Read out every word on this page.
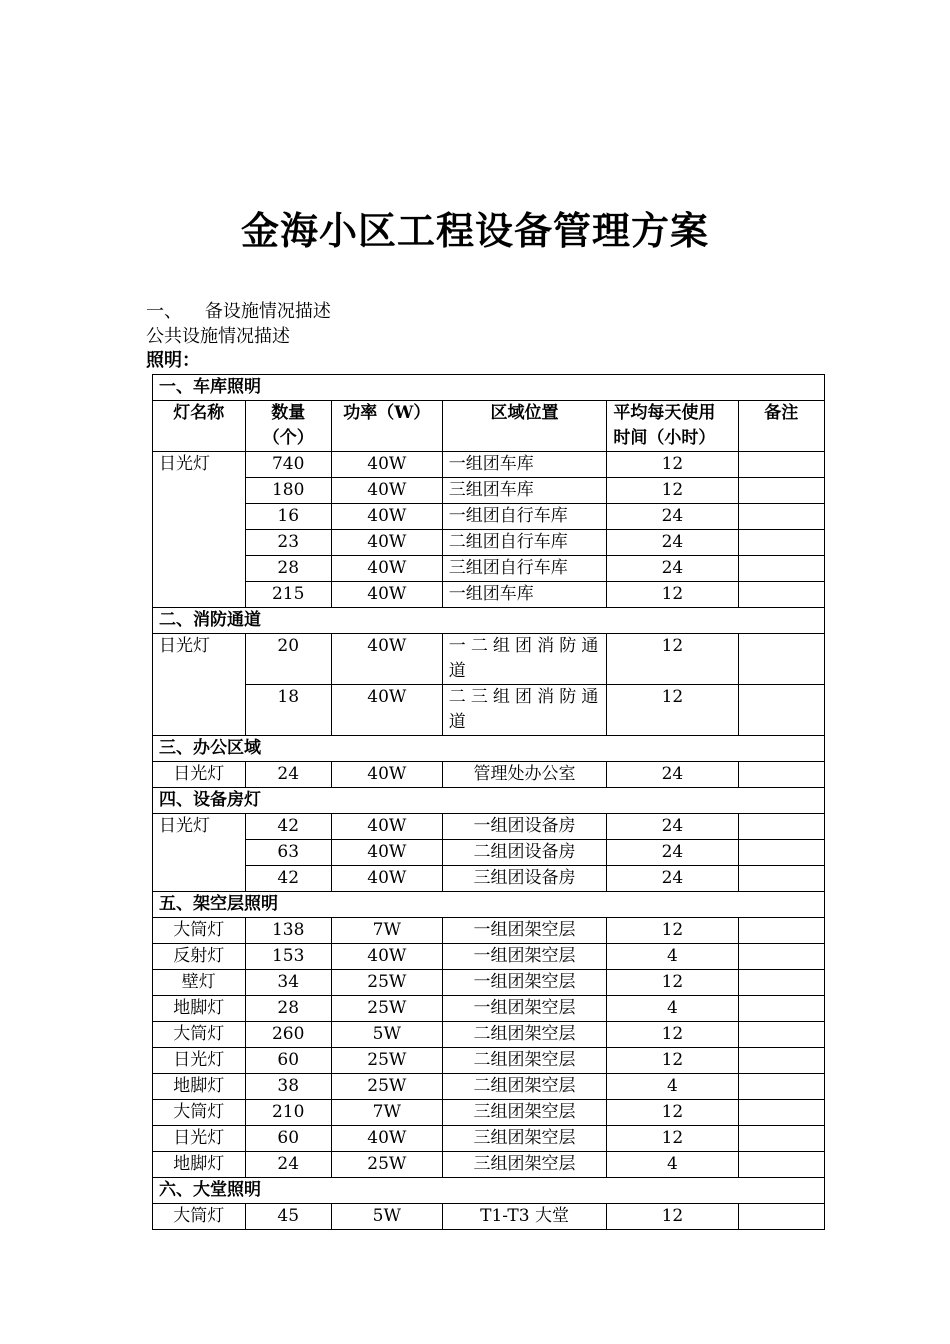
金海小区工程设备管理方案
一、    备设施情况描述
公共设施情况描述
照明：
一、车库照明					
灯名称	数量（个）	功率（W）	区域位置	平均每天使用时间（小时）	备注
日光灯	740	40W	一组团车库	12	
	180	40W	三组团车库	12	
	16	40W	一组团自行车库	24	
	23	40W	二组团自行车库	24	
	28	40W	三组团自行车库	24	
	215	40W	一组团车库	12	
二、消防通道					
日光灯	20	40W	一二组团消防通道	12	
	18	40W	二三组团消防通道	12	
三、办公区域					
日光灯	24	40W	管理处办公室	24	
四、设备房灯					
日光灯	42	40W	一组团设备房	24	
	63	40W	二组团设备房	24	
	42	40W	三组团设备房	24	
五、架空层照明					
大筒灯	138	7W	一组团架空层	12	
反射灯	153	40W	一组团架空层	4	
壁灯	34	25W	一组团架空层	12	
地脚灯	28	25W	一组团架空层	4	
大筒灯	260	5W	二组团架空层	12	
日光灯	60	25W	二组团架空层	12	
地脚灯	38	25W	二组团架空层	4	
大筒灯	210	7W	三组团架空层	12	
日光灯	60	40W	三组团架空层	12	
地脚灯	24	25W	三组团架空层	4	
六、大堂照明					
大筒灯	45	5W	T1-T3 大堂	12	
